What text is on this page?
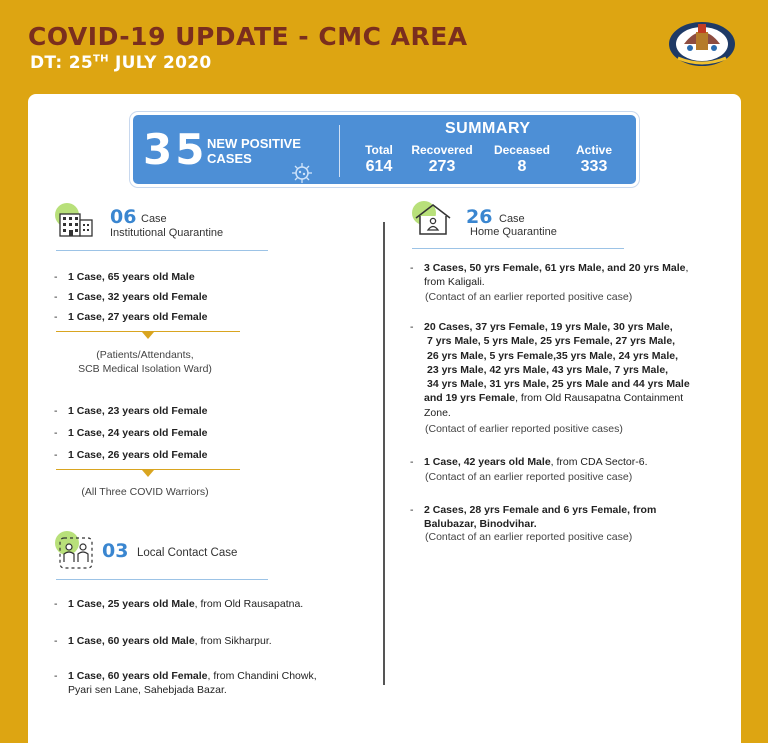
COVID-19 UPDATE - CMC AREA
DT: 25TH JULY 2020
35 NEW POSITIVE
CASES
SUMMARY
Total
614
Recovered
273
Deceased
8
Active
333
06 Case
Institutional Quarantine
- 1 Case, 65 years old Male
- 1 Case, 32 years old Female
- 1 Case, 27 years old Female
(Patients/Attendants,
SCB Medical Isolation Ward)
- 1 Case, 23 years old Female
- 1 Case, 24 years old Female
- 1 Case, 26 years old Female
(All Three COVID Warriors)
03 Local Contact Case
- 1 Case, 25 years old Male, from Old Rausapatna.
- 1 Case, 60 years old Male, from Sikharpur.
- 1 Case, 60 years old Female, from Chandini Chowk,
Pyari sen Lane, Sahebjada Bazar.
26 Case
Home Quarantine
- 3 Cases, 50 yrs Female, 61 yrs Male, and 20 yrs Male,
from Kaligali.
(Contact of an earlier reported positive case)
- 20 Cases, 37 yrs Female, 19 yrs Male, 30 yrs Male,
7 yrs Male, 5 yrs Male, 25 yrs Female, 27 yrs Male,
26 yrs Male, 5 yrs Female,35 yrs Male, 24 yrs Male,
23 yrs Male, 42 yrs Male, 43 yrs Male, 7 yrs Male,
34 yrs Male, 31 yrs Male, 25 yrs Male and 44 yrs Male
and 19 yrs Female, from Old Rausapatna Containment
Zone.
(Contact of earlier reported positive cases)
- 1 Case, 42 years old Male, from CDA Sector-6.
(Contact of an earlier reported positive case)
- 2 Cases, 28 yrs Female and 6 yrs Female, from
Balubazar, Binodvihar.
(Contact of an earlier reported positive case)
